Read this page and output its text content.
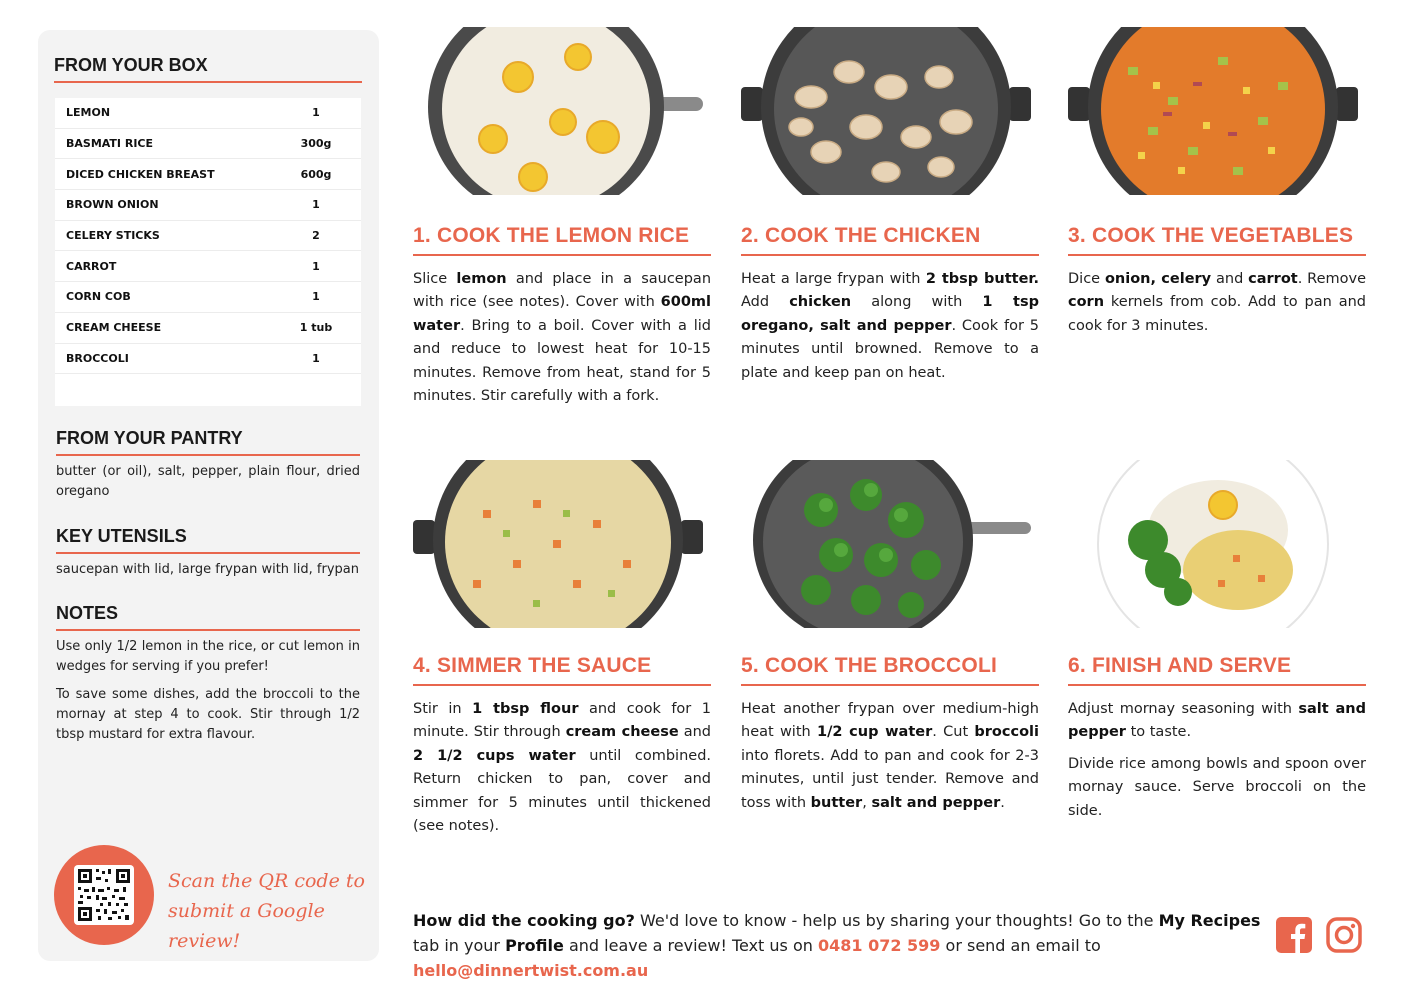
FROM YOUR BOX
LEMON	1
BASMATI RICE	300g
DICED CHICKEN BREAST	600g
BROWN ONION	1
CELERY STICKS	2
CARROT	1
CORN COB	1
CREAM CHEESE	1 tub
BROCCOLI	1
FROM YOUR PANTRY
butter (or oil), salt, pepper, plain flour, dried oregano
KEY UTENSILS
saucepan with lid, large frypan with lid, frypan
NOTES
Use only 1/2 lemon in the rice, or cut lemon in wedges for serving if you prefer!
To save some dishes, add the broccoli to the mornay at step 4 to cook. Stir through 1/2 tbsp mustard for extra flavour.
Scan the QR code to
submit a Google review!
1. COOK THE LEMON RICE	2. COOK THE CHICKEN	3. COOK THE VEGETABLES
4. SIMMER THE SAUCE	5. COOK THE BROCCOLI	6. FINISH AND SERVE
Slice lemon and place in a saucepan with rice (see notes). Cover with 600ml water. Bring to a boil. Cover with a lid and reduce to lowest heat for 10-15 minutes. Remove from heat, stand for 5 minutes. Stir carefully with a fork.
Heat a large frypan with 2 tbsp butter. Add chicken along with 1 tsp oregano, salt and pepper. Cook for 5 minutes until browned. Remove to a plate and keep pan on heat.
Dice onion, celery and carrot. Remove corn kernels from cob. Add to pan and cook for 3 minutes.
Stir in 1 tbsp flour and cook for 1 minute. Stir through cream cheese and 2 1/2 cups water until combined. Return chicken to pan, cover and simmer for 5 minutes until thickened (see notes).
Heat another frypan over medium-high heat with 1/2 cup water. Cut broccoli into florets. Add to pan and cook for 2-3 minutes, until just tender. Remove and toss with butter, salt and pepper.

Adjust mornay seasoning with salt and pepper to taste.

Divide rice among bowls and spoon over mornay sauce. Serve broccoli on the side.

How did the cooking go? We'd love to know - help us by sharing your thoughts! Go to the My Recipes tab in your Profile and leave a review! Text us on 0481 072 599 or send an email to hello@dinnertwist.com.au
